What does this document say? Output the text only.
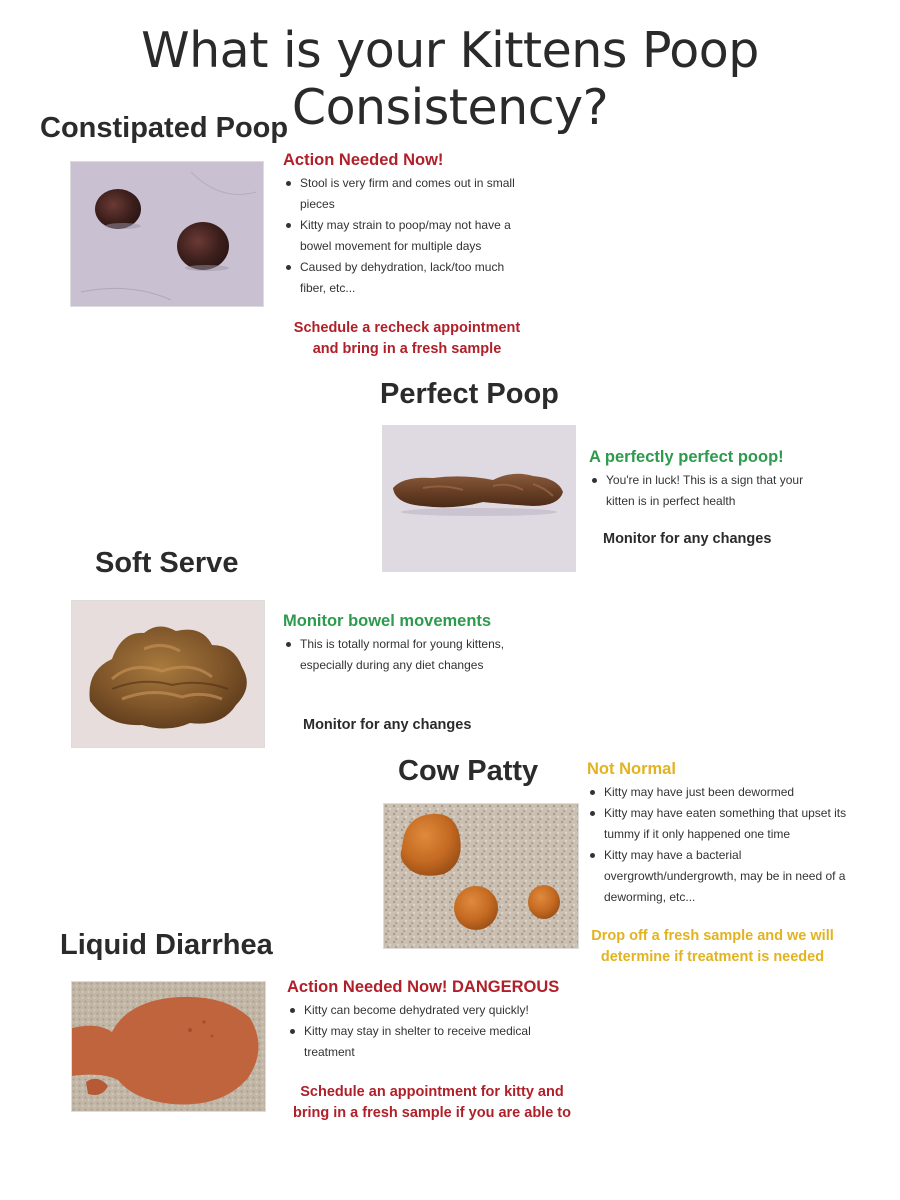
What is your Kittens Poop Consistency?
Constipated Poop

Action Needed Now!

Stool is very firm and comes out in small pieces
Kitty may strain to poop/may not have a bowel movement for multiple days
Caused by dehydration, lack/too much fiber, etc...

Schedule a recheck appointment and bring in a fresh sample

Perfect Poop

A perfectly perfect poop!

You're in luck! This is a sign that your kitten is in perfect health

Monitor for any changes

Soft Serve

Monitor bowel movements

This is totally normal for young kittens, especially during any diet changes

Monitor for any changes

Cow Patty	Not Normal

Kitty may have just been dewormed
Kitty may have eaten something that upset its tummy if it only happened one time
Kitty may have a bacterial overgrowth/undergrowth, may be in need of a deworming, etc...

Drop off a fresh sample and we will determine if treatment is needed

Liquid Diarrhea

Action Needed Now! DANGEROUS

Kitty can become dehydrated very quickly!
Kitty may stay in shelter to receive medical treatment

Schedule an appointment for kitty and bring in a fresh sample if you are able to
